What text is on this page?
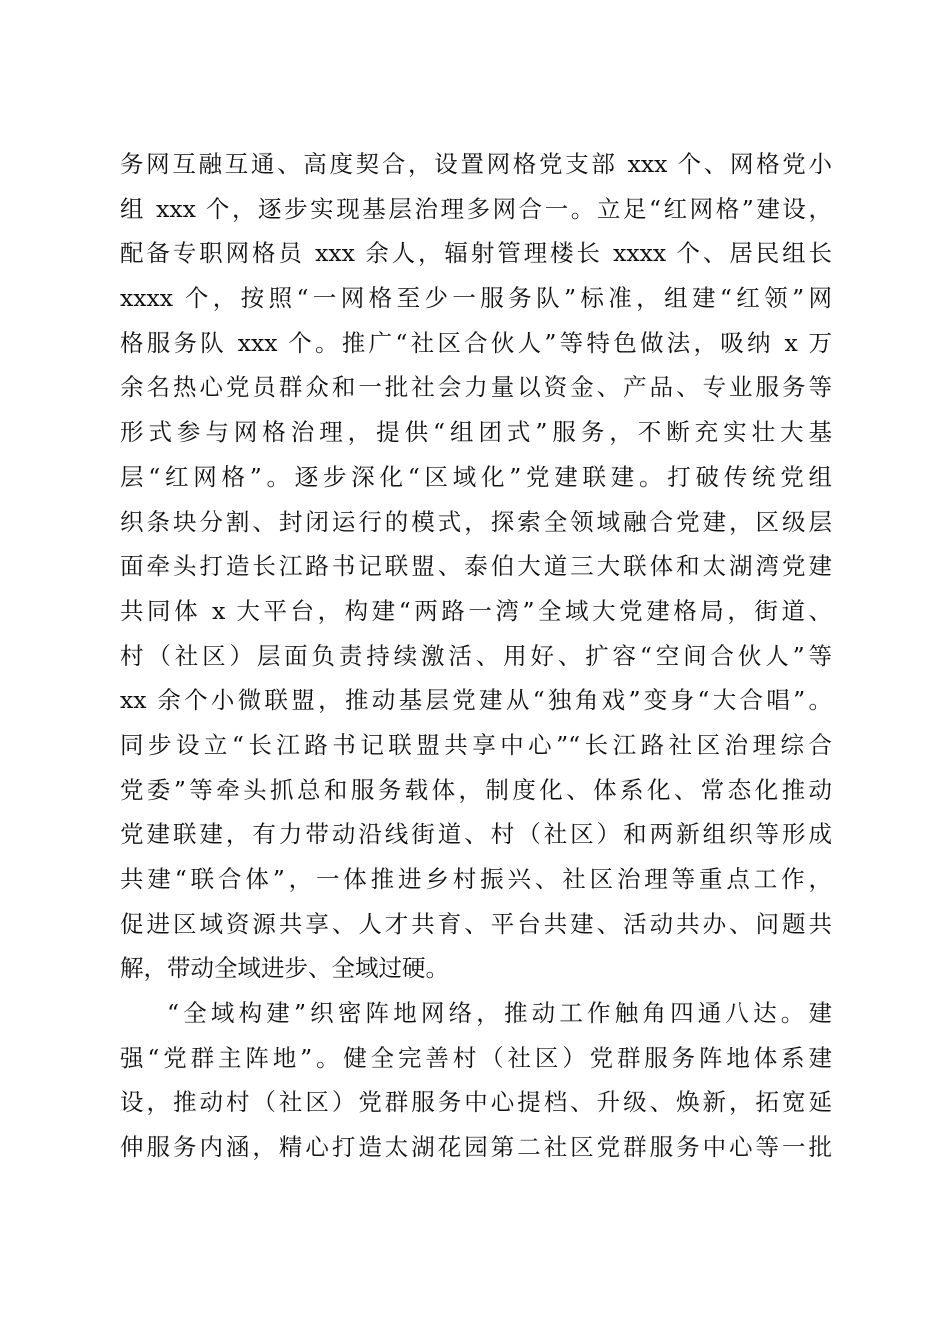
务网互融互通、高度契合，设置网格党支部 xxx 个、网格党小
组 xxx 个，逐步实现基层治理多网合一。立足“红网格”建设，
配备专职网格员 xxx 余人，辐射管理楼长 xxxx 个、居民组长
xxxx 个，按照“一网格至少一服务队”标准，组建“红领”网
格服务队 xxx 个。推广“社区合伙人”等特色做法，吸纳 x 万
余名热心党员群众和一批社会力量以资金、产品、专业服务等
形式参与网格治理，提供“组团式”服务，不断充实壮大基
层“红网格”。逐步深化“区域化”党建联建。打破传统党组
织条块分割、封闭运行的模式，探索全领域融合党建，区级层
面牵头打造长江路书记联盟、泰伯大道三大联体和太湖湾党建
共同体 x 大平台，构建“两路一湾”全域大党建格局，街道、
村（社区）层面负责持续激活、用好、扩容“空间合伙人”等
xx 余个小微联盟，推动基层党建从“独角戏”变身“大合唱”。
同步设立“长江路书记联盟共享中心”“长江路社区治理综合
党委”等牵头抓总和服务载体，制度化、体系化、常态化推动
党建联建，有力带动沿线街道、村（社区）和两新组织等形成
共建“联合体”，一体推进乡村振兴、社区治理等重点工作，
促进区域资源共享、人才共育、平台共建、活动共办、问题共
解，带动全域进步、全域过硬。
“全域构建”织密阵地网络，推动工作触角四通八达。建
强“党群主阵地”。健全完善村（社区）党群服务阵地体系建
设，推动村（社区）党群服务中心提档、升级、焕新，拓宽延
伸服务内涵，精心打造太湖花园第二社区党群服务中心等一批
